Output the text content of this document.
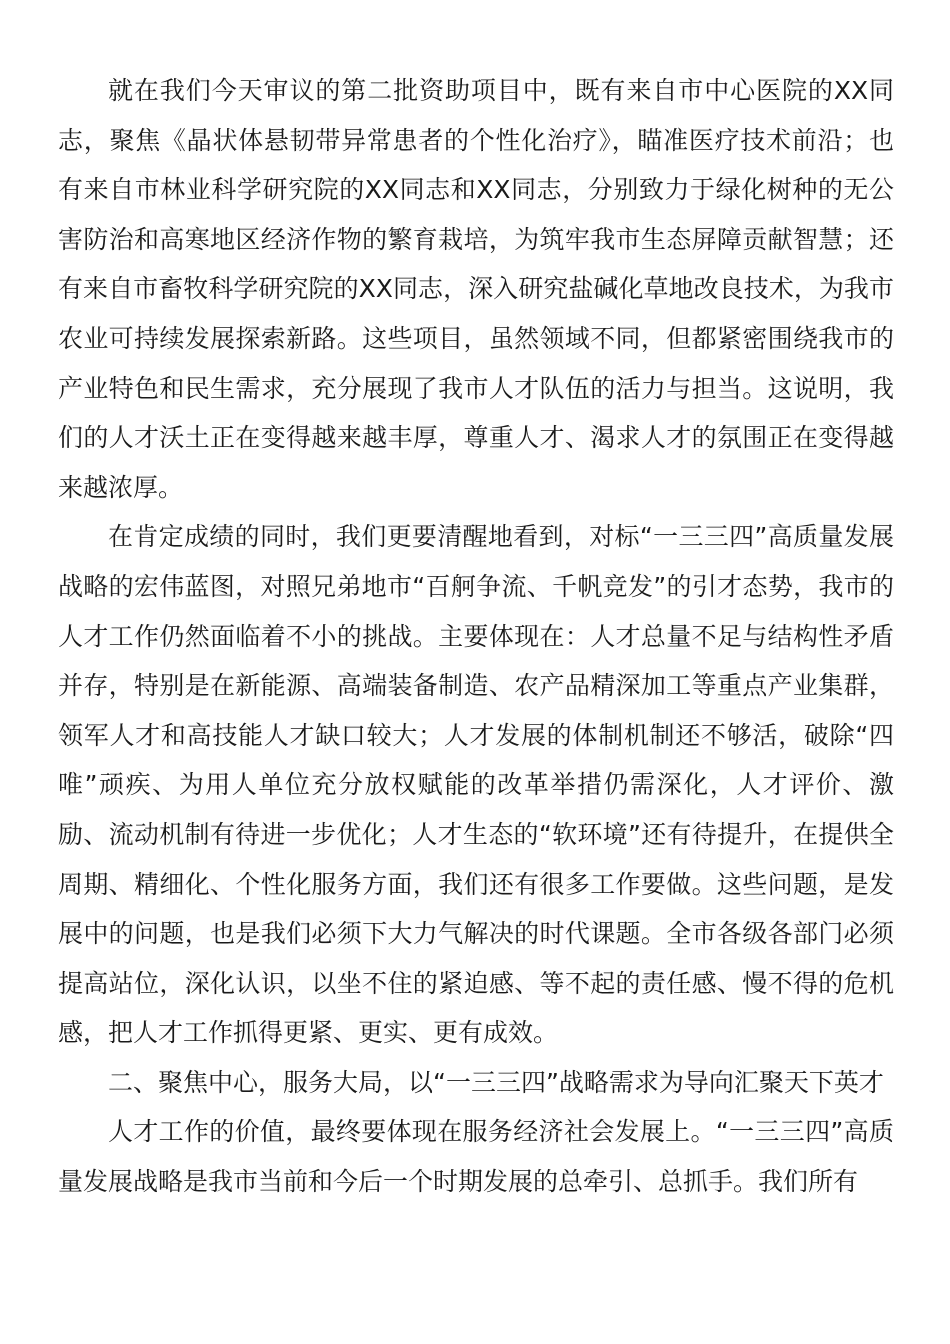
就在我们今天审议的第二批资助项目中，既有来自市中心医院的XX同志，聚焦《晶状体悬韧带异常患者的个性化治疗》，瞄准医疗技术前沿；也有来自市林业科学研究院的XX同志和XX同志，分别致力于绿化树种的无公害防治和高寒地区经济作物的繁育栽培，为筑牢我市生态屏障贡献智慧；还有来自市畜牧科学研究院的XX同志，深入研究盐碱化草地改良技术，为我市农业可持续发展探索新路。这些项目，虽然领域不同，但都紧密围绕我市的产业特色和民生需求，充分展现了我市人才队伍的活力与担当。这说明，我们的人才沃土正在变得越来越丰厚，尊重人才、渴求人才的氛围正在变得越来越浓厚。

在肯定成绩的同时，我们更要清醒地看到，对标“一三三四”高质量发展战略的宏伟蓝图，对照兄弟地市“百舸争流、千帆竞发”的引才态势，我市的人才工作仍然面临着不小的挑战。主要体现在：人才总量不足与结构性矛盾并存，特别是在新能源、高端装备制造、农产品精深加工等重点产业集群，领军人才和高技能人才缺口较大；人才发展的体制机制还不够活，破除“四唯”顽疾、为用人单位充分放权赋能的改革举措仍需深化，人才评价、激励、流动机制有待进一步优化；人才生态的“软环境”还有待提升，在提供全周期、精细化、个性化服务方面，我们还有很多工作要做。这些问题，是发展中的问题，也是我们必须下大力气解决的时代课题。全市各级各部门必须提高站位，深化认识，以坐不住的紧迫感、等不起的责任感、慢不得的危机感，把人才工作抓得更紧、更实、更有成效。

二、聚焦中心，服务大局，以“一三三四”战略需求为导向汇聚天下英才

人才工作的价值，最终要体现在服务经济社会发展上。“一三三四”高质量发展战略是我市当前和今后一个时期发展的总牵引、总抓手。我们所有
